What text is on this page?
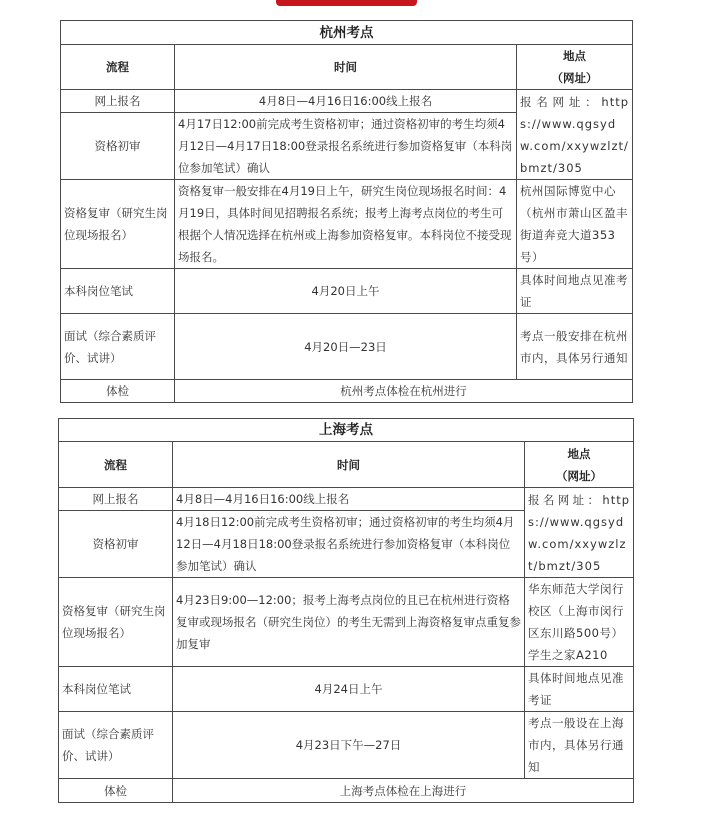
杭州考点		
流程	时间	地点
（网址）

网上报名	4月8日—4月16日16:00线上报名	报名网址：https://www.qgsydw.com/xxywzlzt/bmzt/305
资格初审	4月17日12:00前完成考生资格初审；通过资格初审的考生均须4月12日—4月17日18:00登录报名系统进行参加资格复审（本科岗位参加笔试）确认	
资格复审（研究生岗位现场报名）	资格复审一般安排在4月19日上午，研究生岗位现场报名时间：4月19日，具体时间见招聘报名系统；报考上海考点岗位的考生可根据个人情况选择在杭州或上海参加资格复审。本科岗位不接受现场报名。	杭州国际博览中心（杭州市萧山区盈丰街道奔竞大道353号）
本科岗位笔试	4月20日上午	具体时间地点见准考证
面试（综合素质评价、试讲）	4月20日—23日	考点一般安排在杭州市内，具体另行通知
体检	杭州考点体检在杭州进行	
上海考点		
流程	时间	地点
（网址）

网上报名	4月8日—4月16日16:00线上报名	报名网址：https://www.qgsydw.com/xxywzlzt/bmzt/305
资格初审	4月18日12:00前完成考生资格初审；通过资格初审的考生均须4月12日—4月18日18:00登录报名系统进行参加资格复审（本科岗位参加笔试）确认	
资格复审（研究生岗位现场报名）	4月23日9:00—12:00；报考上海考点岗位的且已在杭州进行资格复审或现场报名（研究生岗位）的考生无需到上海资格复审点重复参加复审	华东师范大学闵行校区（上海市闵行区东川路500号）学生之家A210
本科岗位笔试	4月24日上午	具体时间地点见准考证
面试（综合素质评价、试讲）	4月23日下午—27日	考点一般设在上海市内，具体另行通知
体检	上海考点体检在上海进行	
